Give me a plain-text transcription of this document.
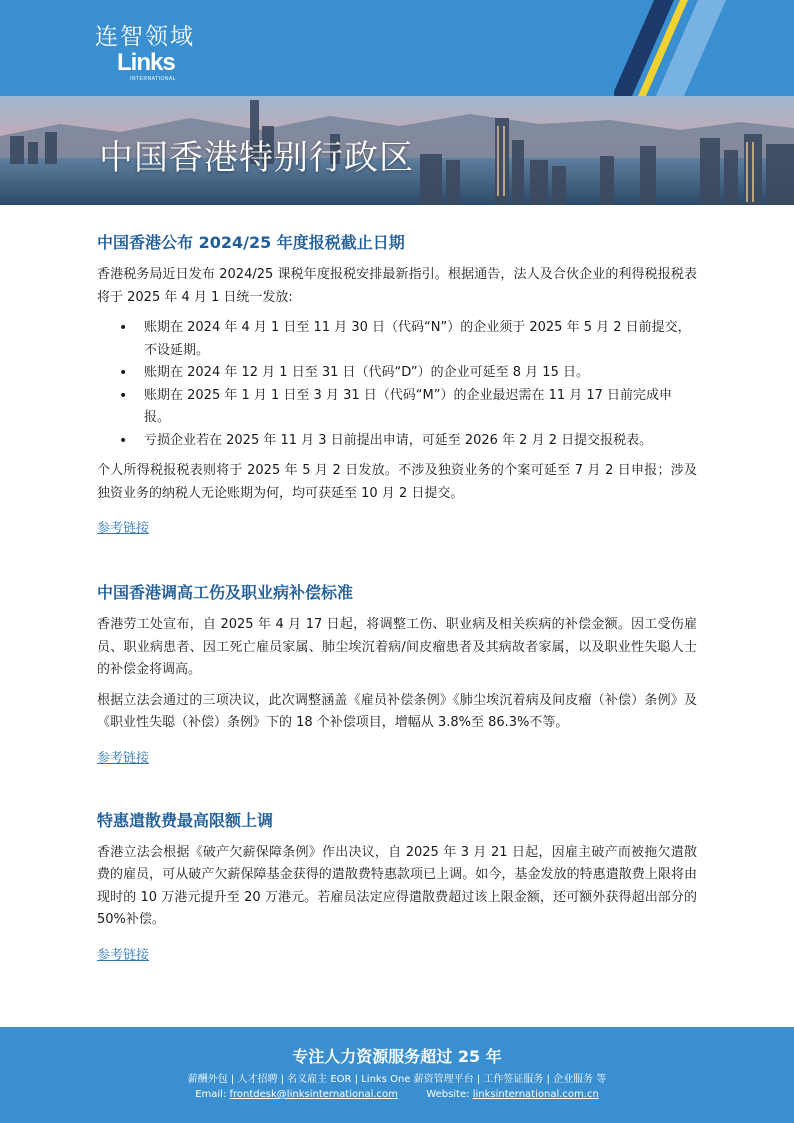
连智领域
Links
INTERNATIONAL
中国香港特别行政区
中国香港公布 2024/25 年度报税截止日期

香港税务局近日发布 2024/25 课税年度报税安排最新指引。根据通告，法人及合伙企业的利得税报税表将于 2025 年 4 月 1 日统一发放:

• 账期在 2024 年 4 月 1 日至 11 月 30 日（代码“N”）的企业须于 2025 年 5 月 2 日前提交，不设延期。
• 账期在 2024 年 12 月 1 日至 31 日（代码“D”）的企业可延至 8 月 15 日。
• 账期在 2025 年 1 月 1 日至 3 月 31 日（代码“M”）的企业最迟需在 11 月 17 日前完成申报。
• 亏损企业若在 2025 年 11 月 3 日前提出申请，可延至 2026 年 2 月 2 日提交报税表。

个人所得税报税表则将于 2025 年 5 月 2 日发放。不涉及独资业务的个案可延至 7 月 2 日申报；涉及独资业务的纳税人无论账期为何，均可获延至 10 月 2 日提交。

参考链接
中国香港调高工伤及职业病补偿标准

香港劳工处宣布，自 2025 年 4 月 17 日起，将调整工伤、职业病及相关疾病的补偿金额。因工受伤雇员、职业病患者、因工死亡雇员家属、肺尘埃沉着病/间皮瘤患者及其病故者家属，以及职业性失聪人士的补偿金将调高。

根据立法会通过的三项决议，此次调整涵盖《雇员补偿条例》《肺尘埃沉着病及间皮瘤（补偿）条例》及《职业性失聪（补偿）条例》下的 18 个补偿项目，增幅从 3.8%至 86.3%不等。

参考链接
特惠遣散费最高限额上调

香港立法会根据《破产欠薪保障条例》作出决议，自 2025 年 3 月 21 日起，因雇主破产而被拖欠遣散费的雇员，可从破产欠薪保障基金获得的遣散费特惠款项已上调。如今，基金发放的特惠遣散费上限将由现时的 10 万港元提升至 20 万港元。若雇员法定应得遣散费超过该上限金额，还可额外获得超出部分的 50%补偿。

参考链接
专注人力资源服务超过 25 年
薪酬外包 | 人才招聘 | 名义雇主 EOR | Links One 薪资管理平台 | 工作签证服务 | 企业服务 等
Email: frontdesk@linksinternational.com	Website: linksinternational.com.cn
